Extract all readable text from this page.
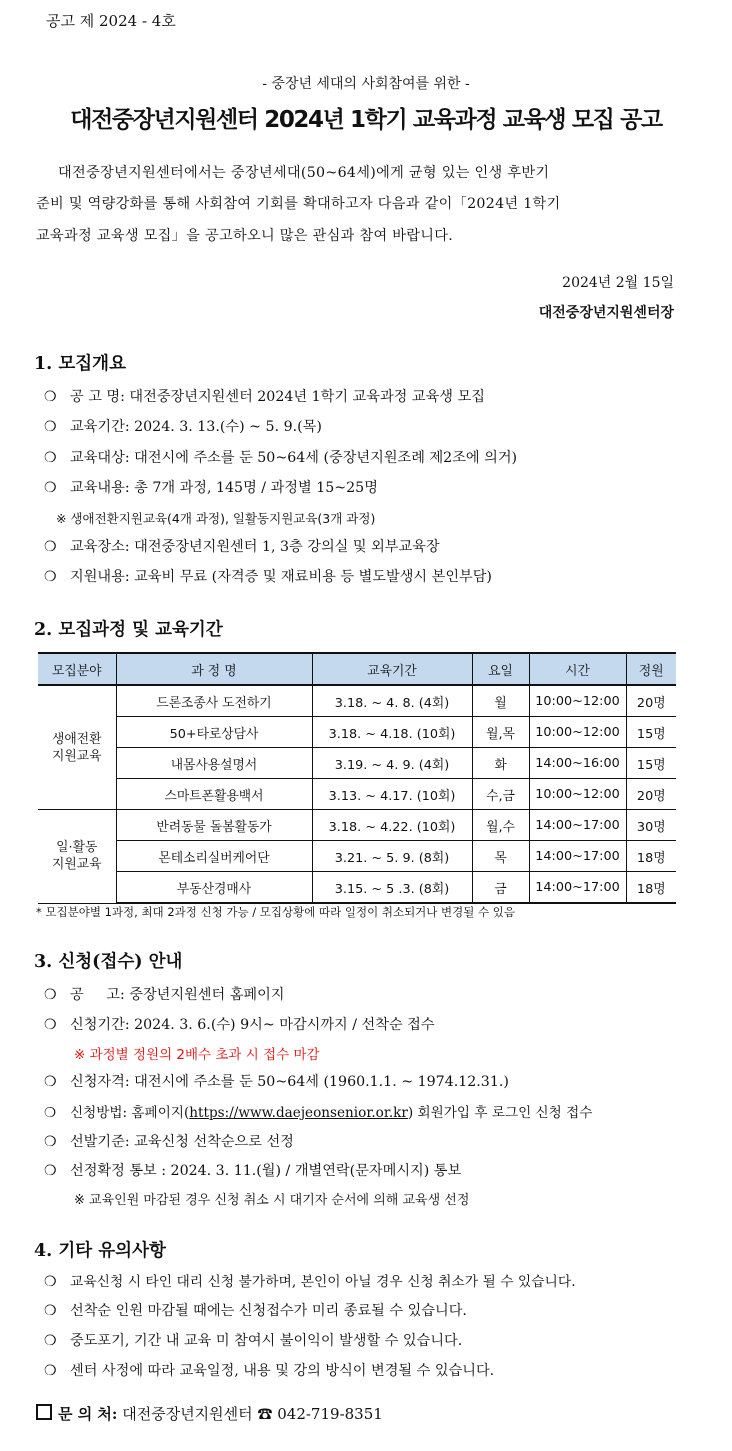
공고 제 2024 - 4호
- 중장년 세대의 사회참여를 위한 -
대전중장년지원센터 2024년 1학기 교육과정 교육생 모집 공고
대전중장년지원센터에서는 중장년세대(50~64세)에게 균형 있는 인생 후반기
준비 및 역량강화를 통해 사회참여 기회를 확대하고자 다음과 같이「2024년 1학기
교육과정 교육생 모집」을 공고하오니 많은 관심과 참여 바랍니다.
2024년 2월 15일
대전중장년지원센터장
1. 모집개요
❍ 공 고 명: 대전중장년지원센터 2024년 1학기 교육과정 교육생 모집
❍ 교육기간: 2024. 3. 13.(수) ~ 5. 9.(목)
❍ 교육대상: 대전시에 주소를 둔 50~64세 (중장년지원조례 제2조에 의거)
❍ 교육내용: 총 7개 과정, 145명 / 과정별 15~25명
※ 생애전환지원교육(4개 과정), 일활동지원교육(3개 과정)
❍ 교육장소: 대전중장년지원센터 1, 3층 강의실 및 외부교육장
❍ 지원내용: 교육비 무료 (자격증 및 재료비용 등 별도발생시 본인부담)
2. 모집과정 및 교육기간
모집분야	과 정 명	교육기간	요일	시간	정원
생애전환
지원교육	드론조종사 도전하기	3.18. ~ 4. 8. (4회)	월	10:00~12:00	20명
	50+타로상담사	3.18. ~ 4.18. (10회)	월,목	10:00~12:00	15명
	내몸사용설명서	3.19. ~ 4. 9. (4회)	화	14:00~16:00	15명
	스마트폰활용백서	3.13. ~ 4.17. (10회)	수,금	10:00~12:00	20명
일·활동
지원교육	반려동물 돌봄활동가	3.18. ~ 4.22. (10회)	월,수	14:00~17:00	30명
	몬테소리실버케어단	3.21. ~ 5. 9. (8회)	목	14:00~17:00	18명
	부동산경매사	3.15. ~ 5 .3. (8회)	금	14:00~17:00	18명
* 모집분야별 1과정, 최대 2과정 신청 가능 / 모집상황에 따라 일정이 취소되거나 변경될 수 있음
3. 신청(접수) 안내
❍ 공     고: 중장년지원센터 홈페이지
❍ 신청기간: 2024. 3. 6.(수) 9시~ 마감시까지 / 선착순 접수
※ 과정별 정원의 2배수 초과 시 접수 마감
❍ 신청자격: 대전시에 주소를 둔 50~64세 (1960.1.1. ~ 1974.12.31.)
❍ 신청방법: 홈페이지(https://www.daejeonsenior.or.kr) 회원가입 후 로그인 신청 접수
❍ 선발기준: 교육신청 선착순으로 선정
❍ 선정확정 통보 : 2024. 3. 11.(월) / 개별연락(문자메시지) 통보
※ 교육인원 마감된 경우 신청 취소 시 대기자 순서에 의해 교육생 선정
4. 기타 유의사항
❍ 교육신청 시 타인 대리 신청 불가하며, 본인이 아닐 경우 신청 취소가 될 수 있습니다.
❍ 선착순 인원 마감될 때에는 신청접수가 미리 종료될 수 있습니다.
❍ 중도포기, 기간 내 교육 미 참여시 불이익이 발생할 수 있습니다.
❍ 센터 사정에 따라 교육일정, 내용 및 강의 방식이 변경될 수 있습니다.
문 의 처: 대전중장년지원센터 ☎ 042-719-8351
